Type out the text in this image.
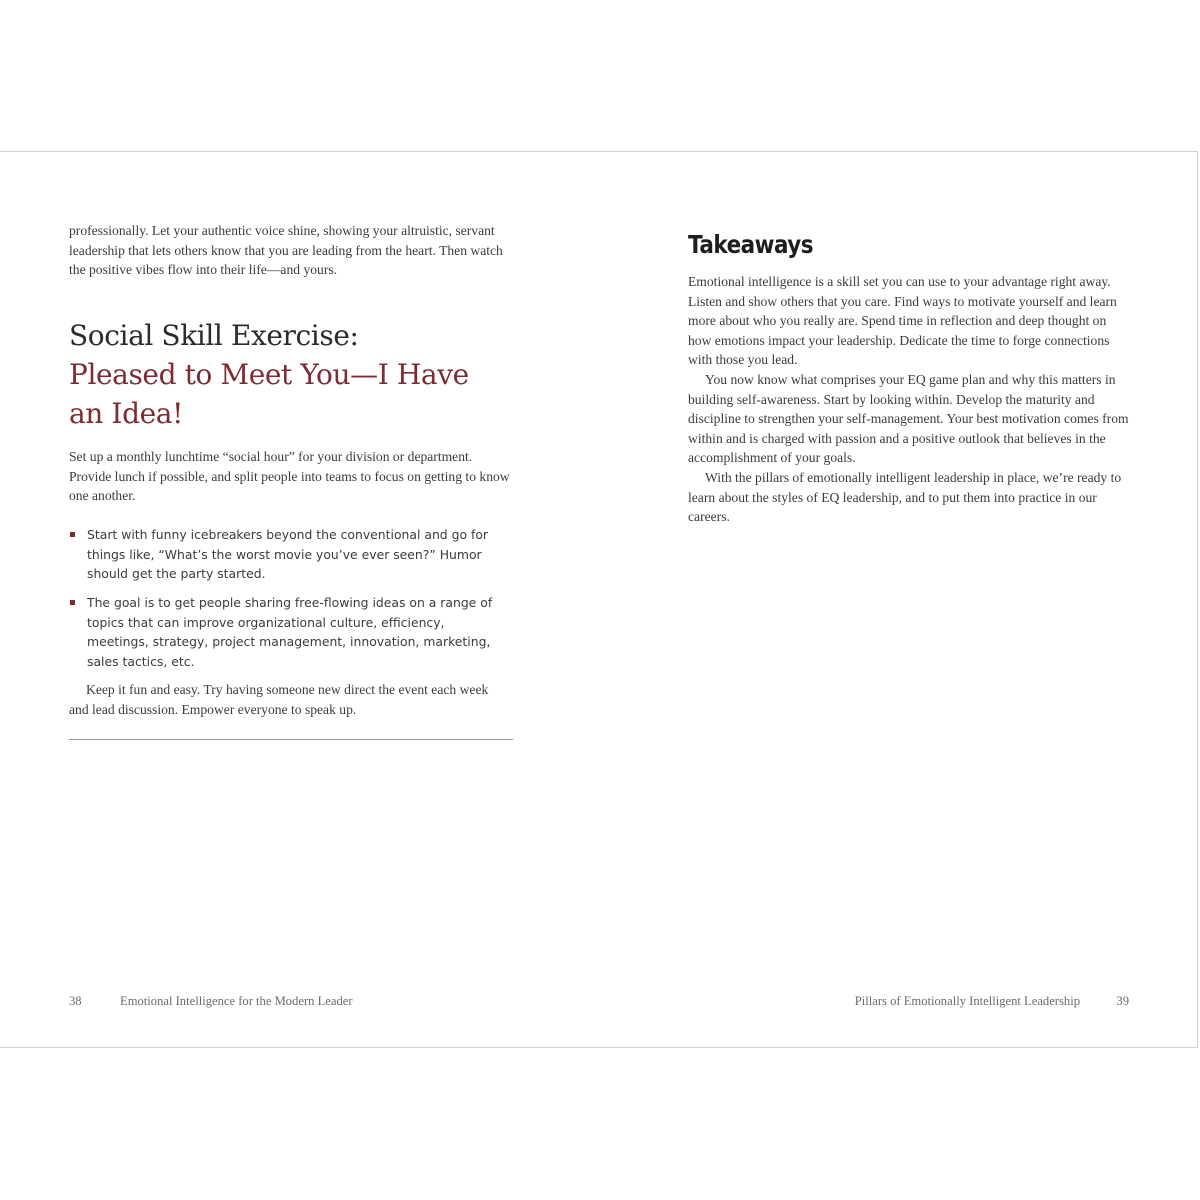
professionally. Let your authentic voice shine, showing your altruistic, servant leadership that lets others know that you are leading from the heart. Then watch the positive vibes flow into their life—and yours.

Social Skill Exercise:
Pleased to Meet You—I Have an Idea!

Set up a monthly lunchtime “social hour” for your division or department. Provide lunch if possible, and split people into teams to focus on getting to know one another.

Start with funny icebreakers beyond the conventional and go for things like, “What’s the worst movie you’ve ever seen?” Humor should get the party started.
The goal is to get people sharing free-flowing ideas on a range of topics that can improve organizational culture, efficiency, meetings, strategy, project management, innovation, marketing, sales tactics, etc.

Keep it fun and easy. Try having someone new direct the event each week and lead discussion. Empower everyone to speak up.

38	Emotional Intelligence for the Modern Leader
Takeaways

Emotional intelligence is a skill set you can use to your advantage right away. Listen and show others that you care. Find ways to motivate yourself and learn more about who you really are. Spend time in reflection and deep thought on how emotions impact your leadership. Dedicate the time to forge connections with those you lead.

You now know what comprises your EQ game plan and why this matters in building self-awareness. Start by looking within. Develop the maturity and discipline to strengthen your self-management. Your best motivation comes from within and is charged with passion and a positive outlook that believes in the accomplishment of your goals.

With the pillars of emotionally intelligent leadership in place, we’re ready to learn about the styles of EQ leadership, and to put them into practice in our careers.

Pillars of Emotionally Intelligent Leadership	39
